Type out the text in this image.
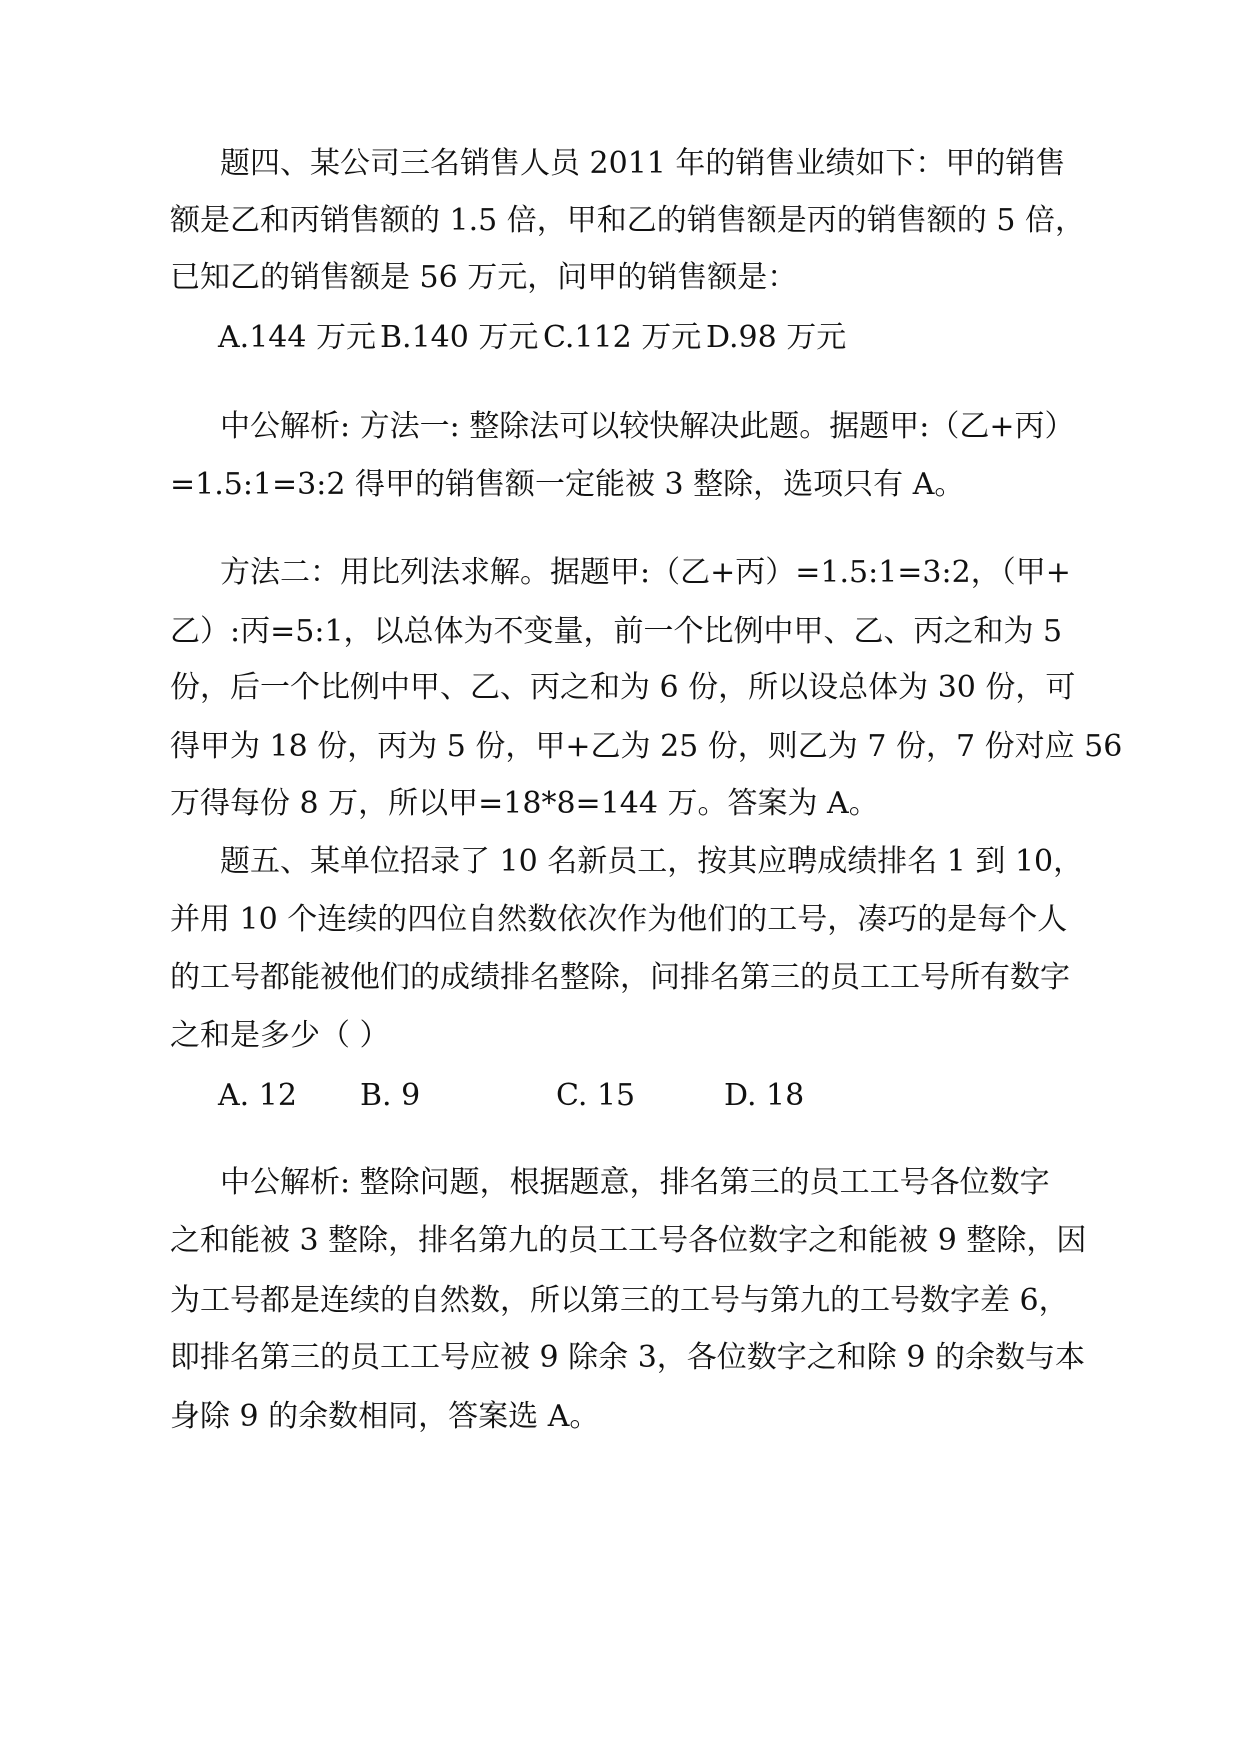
题四、某公司三名销售人员 2011 年的销售业绩如下：甲的销售
额是乙和丙销售额的 1.5 倍，甲和乙的销售额是丙的销售额的 5 倍，
已知乙的销售额是 56 万元，问甲的销售额是：
A.144 万元 B.140 万元 C.112 万元 D.98 万元
中公解析: 方法一: 整除法可以较快解决此题。据题甲:（乙+丙）
=1.5:1=3:2 得甲的销售额一定能被 3 整除，选项只有 A。
方法二：用比列法求解。据题甲:（乙+丙）=1.5:1=3:2，（甲+
乙）:丙=5:1，以总体为不变量，前一个比例中甲、乙、丙之和为 5
份，后一个比例中甲、乙、丙之和为 6 份，所以设总体为 30 份，可
得甲为 18 份，丙为 5 份，甲+乙为 25 份，则乙为 7 份，7 份对应 56
万得每份 8 万，所以甲=18*8=144 万。答案为 A。
题五、某单位招录了 10 名新员工，按其应聘成绩排名 1 到 10，
并用 10 个连续的四位自然数依次作为他们的工号，凑巧的是每个人
的工号都能被他们的成绩排名整除，问排名第三的员工工号所有数字
之和是多少（ ）
A. 12 B. 9	C. 15	D. 18
中公解析: 整除问题，根据题意，排名第三的员工工号各位数字
之和能被 3 整除，排名第九的员工工号各位数字之和能被 9 整除，因
为工号都是连续的自然数，所以第三的工号与第九的工号数字差 6，
即排名第三的员工工号应被 9 除余 3，各位数字之和除 9 的余数与本
身除 9 的余数相同，答案选 A。
